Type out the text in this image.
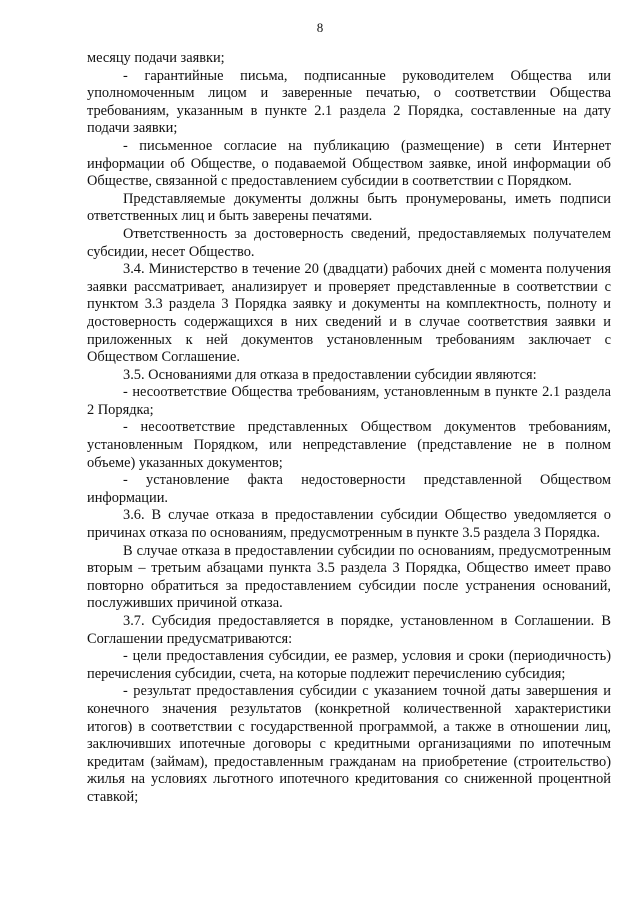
8

месяцу подачи заявки;

- гарантийные письма, подписанные руководителем Общества или уполномоченным лицом и заверенные печатью, о соответствии Общества требованиям, указанным в пункте 2.1 раздела 2 Порядка, составленные на дату подачи заявки;

- письменное согласие на публикацию (размещение) в сети Интернет информации об Обществе, о подаваемой Обществом заявке, иной информации об Обществе, связанной с предоставлением субсидии в соответствии с Порядком.

Представляемые документы должны быть пронумерованы, иметь подписи ответственных лиц и быть заверены печатями.

Ответственность за достоверность сведений, предоставляемых получателем субсидии, несет Общество.

3.4. Министерство в течение 20 (двадцати) рабочих дней с момента получения заявки рассматривает, анализирует и проверяет представленные в соответствии с пунктом 3.3 раздела 3 Порядка заявку и документы на комплектность, полноту и достоверность содержащихся в них сведений и в случае соответствия заявки и приложенных к ней документов установленным требованиям заключает с Обществом Соглашение.

3.5. Основаниями для отказа в предоставлении субсидии являются:

- несоответствие Общества требованиям, установленным в пункте 2.1 раздела 2 Порядка;

- несоответствие представленных Обществом документов требованиям, установленным Порядком, или непредставление (представление не в полном объеме) указанных документов;

- установление факта недостоверности представленной Обществом информации.

3.6. В случае отказа в предоставлении субсидии Общество уведомляется о причинах отказа по основаниям, предусмотренным в пункте 3.5 раздела 3 Порядка.

В случае отказа в предоставлении субсидии по основаниям, предусмотренным вторым – третьим абзацами пункта 3.5 раздела 3 Порядка, Общество имеет право повторно обратиться за предоставлением субсидии после устранения оснований, послуживших причиной отказа.

3.7. Субсидия предоставляется в порядке, установленном в Соглашении. В Соглашении предусматриваются:

- цели предоставления субсидии, ее размер, условия и сроки (периодичность) перечисления субсидии, счета, на которые подлежит перечислению субсидия;

- результат предоставления субсидии с указанием точной даты завершения и конечного значения результатов (конкретной количественной характеристики итогов) в соответствии с государственной программой, а также в отношении лиц, заключивших ипотечные договоры с кредитными организациями по ипотечным кредитам (займам), предоставленным гражданам на приобретение (строительство) жилья на условиях льготного ипотечного кредитования со сниженной процентной ставкой;
